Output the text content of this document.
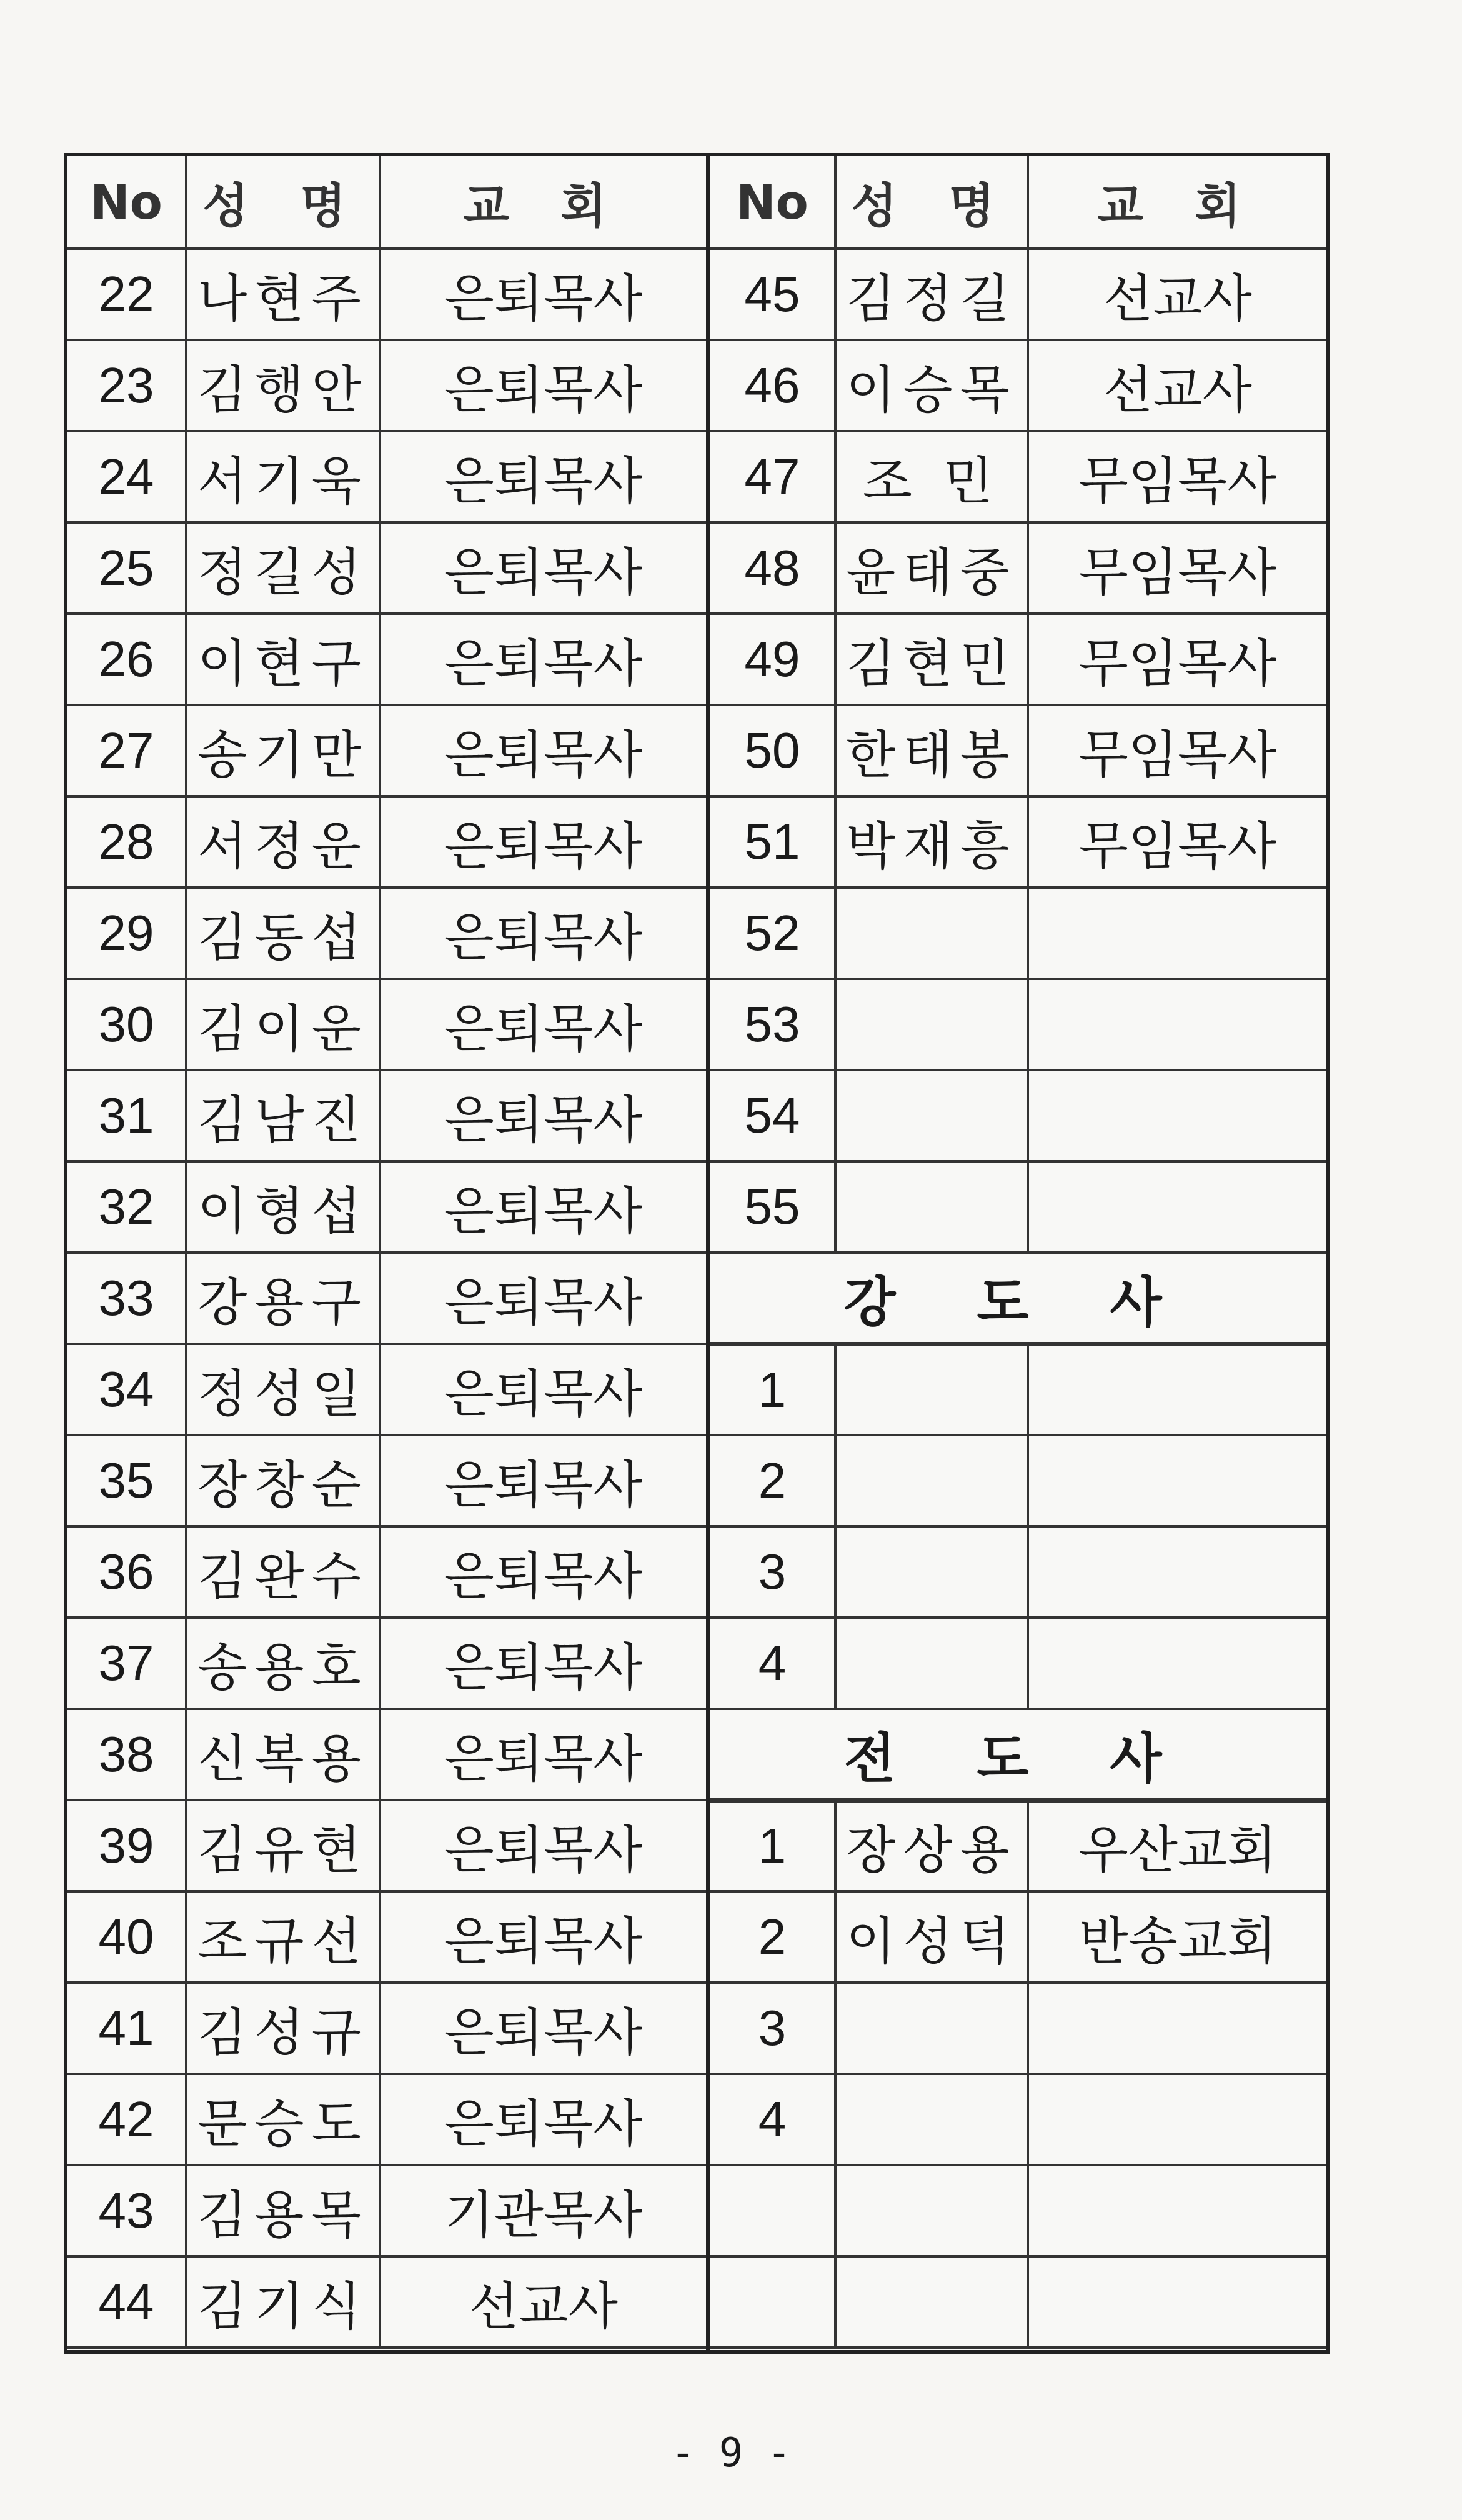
No	성 명	교 회
22	나현주	은퇴목사
23	김행안	은퇴목사
24	서기욱	은퇴목사
25	정길성	은퇴목사
26	이현구	은퇴목사
27	송기만	은퇴목사
28	서정운	은퇴목사
29	김동섭	은퇴목사
30	김이운	은퇴목사
31	김남진	은퇴목사
32	이형섭	은퇴목사
33	강용구	은퇴목사
34	정성일	은퇴목사
35	장창순	은퇴목사
36	김완수	은퇴목사
37	송용호	은퇴목사
38	신복용	은퇴목사
39	김유현	은퇴목사
40	조규선	은퇴목사
41	김성규	은퇴목사
42	문승도	은퇴목사
43	김용목	기관목사
44	김기식	선교사
No	성 명	교 회
45	김정길	선교사
46	이승목	선교사
47	조 민	무임목사
48	윤태중	무임목사
49	김현민	무임목사
50	한태봉	무임목사
51	박재흥	무임목사
52		
53		
54		
55		
강 도 사		
1		
2		
3		
4		
전 도 사		
1	장상용	우산교회
2	이성덕	반송교회
3		
4		

- 9 -
